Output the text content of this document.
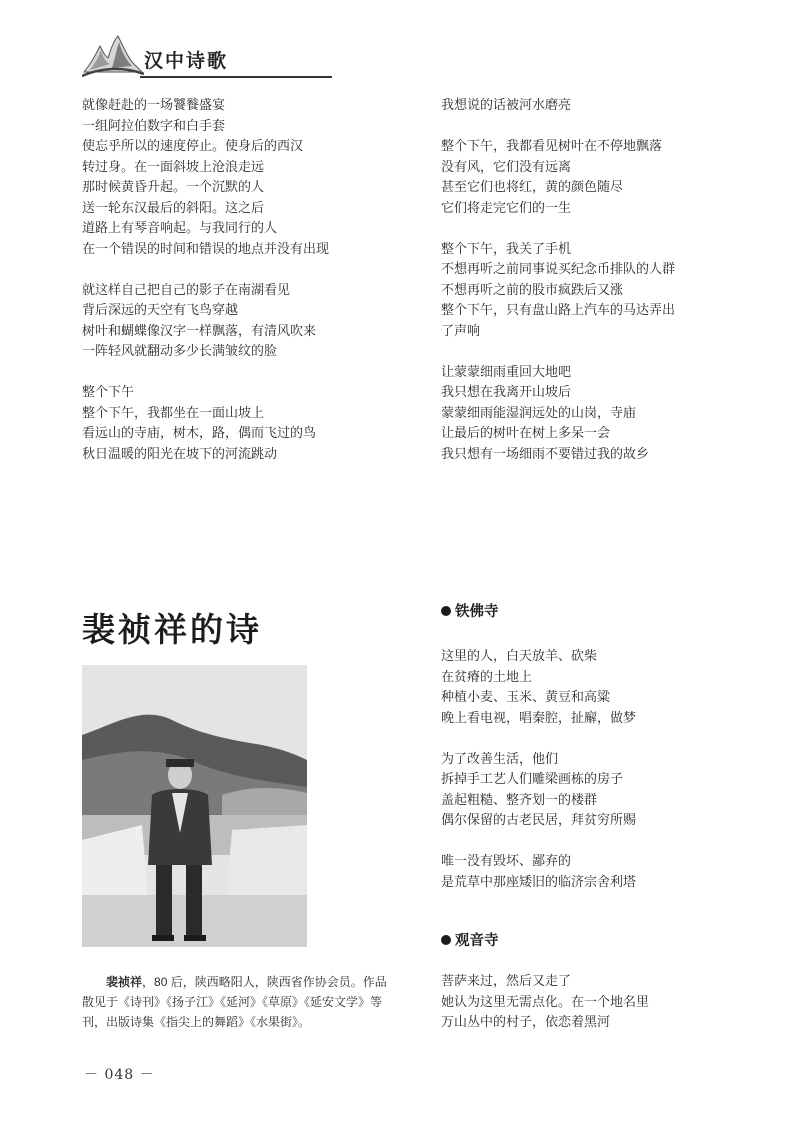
汉中诗歌
就像赶赴的一场饕餮盛宴
一组阿拉伯数字和白手套
使忘乎所以的速度停止。使身后的西汉
转过身。在一面斜坡上沧浪走远
那时候黄昏升起。一个沉默的人
送一轮东汉最后的斜阳。这之后
道路上有琴音响起。与我同行的人
在一个错误的时间和错误的地点并没有出现
就这样自己把自己的影子在南湖看见
背后深远的天空有飞鸟穿越
树叶和蝴蝶像汉字一样飘落，有清风吹来
一阵轻风就翻动多少长满皱纹的脸
整个下午
整个下午，我都坐在一面山坡上
看远山的寺庙，树木，路，偶而飞过的鸟
秋日温暖的阳光在坡下的河流跳动
我想说的话被河水磨亮
整个下午，我都看见树叶在不停地飘落
没有风，它们没有远离
甚至它们也将红，黄的颜色随尽
它们将走完它们的一生
整个下午，我关了手机
不想再听之前同事说买纪念币排队的人群
不想再听之前的股市疯跌后又涨
整个下午，只有盘山路上汽车的马达弄出
了声响
让蒙蒙细雨重回大地吧
我只想在我离开山坡后
蒙蒙细雨能湿润远处的山岗，寺庙
让最后的树叶在树上多呆一会
我只想有一场细雨不要错过我的故乡
裴祯祥的诗
裴祯祥，80 后，陕西略阳人，陕西省作协会员。作品散见于《诗刊》《扬子江》《延河》《草原》《延安文学》等刊，出版诗集《指尖上的舞蹈》《水果街》。
铁佛寺
这里的人，白天放羊、砍柴
在贫瘠的土地上
种植小麦、玉米、黄豆和高粱
晚上看电视，唱秦腔，扯廨，做梦
为了改善生活，他们
拆掉手工艺人们雕梁画栋的房子
盖起粗糙、整齐划一的楼群
偶尔保留的古老民居，拜贫穷所赐
唯一没有毁坏、鄙弃的
是荒草中那座矮旧的临济宗舍利塔
观音寺
菩萨来过，然后又走了
她认为这里无需点化。在一个地名里
万山丛中的村子，依恋着黑河
－ 048 －
